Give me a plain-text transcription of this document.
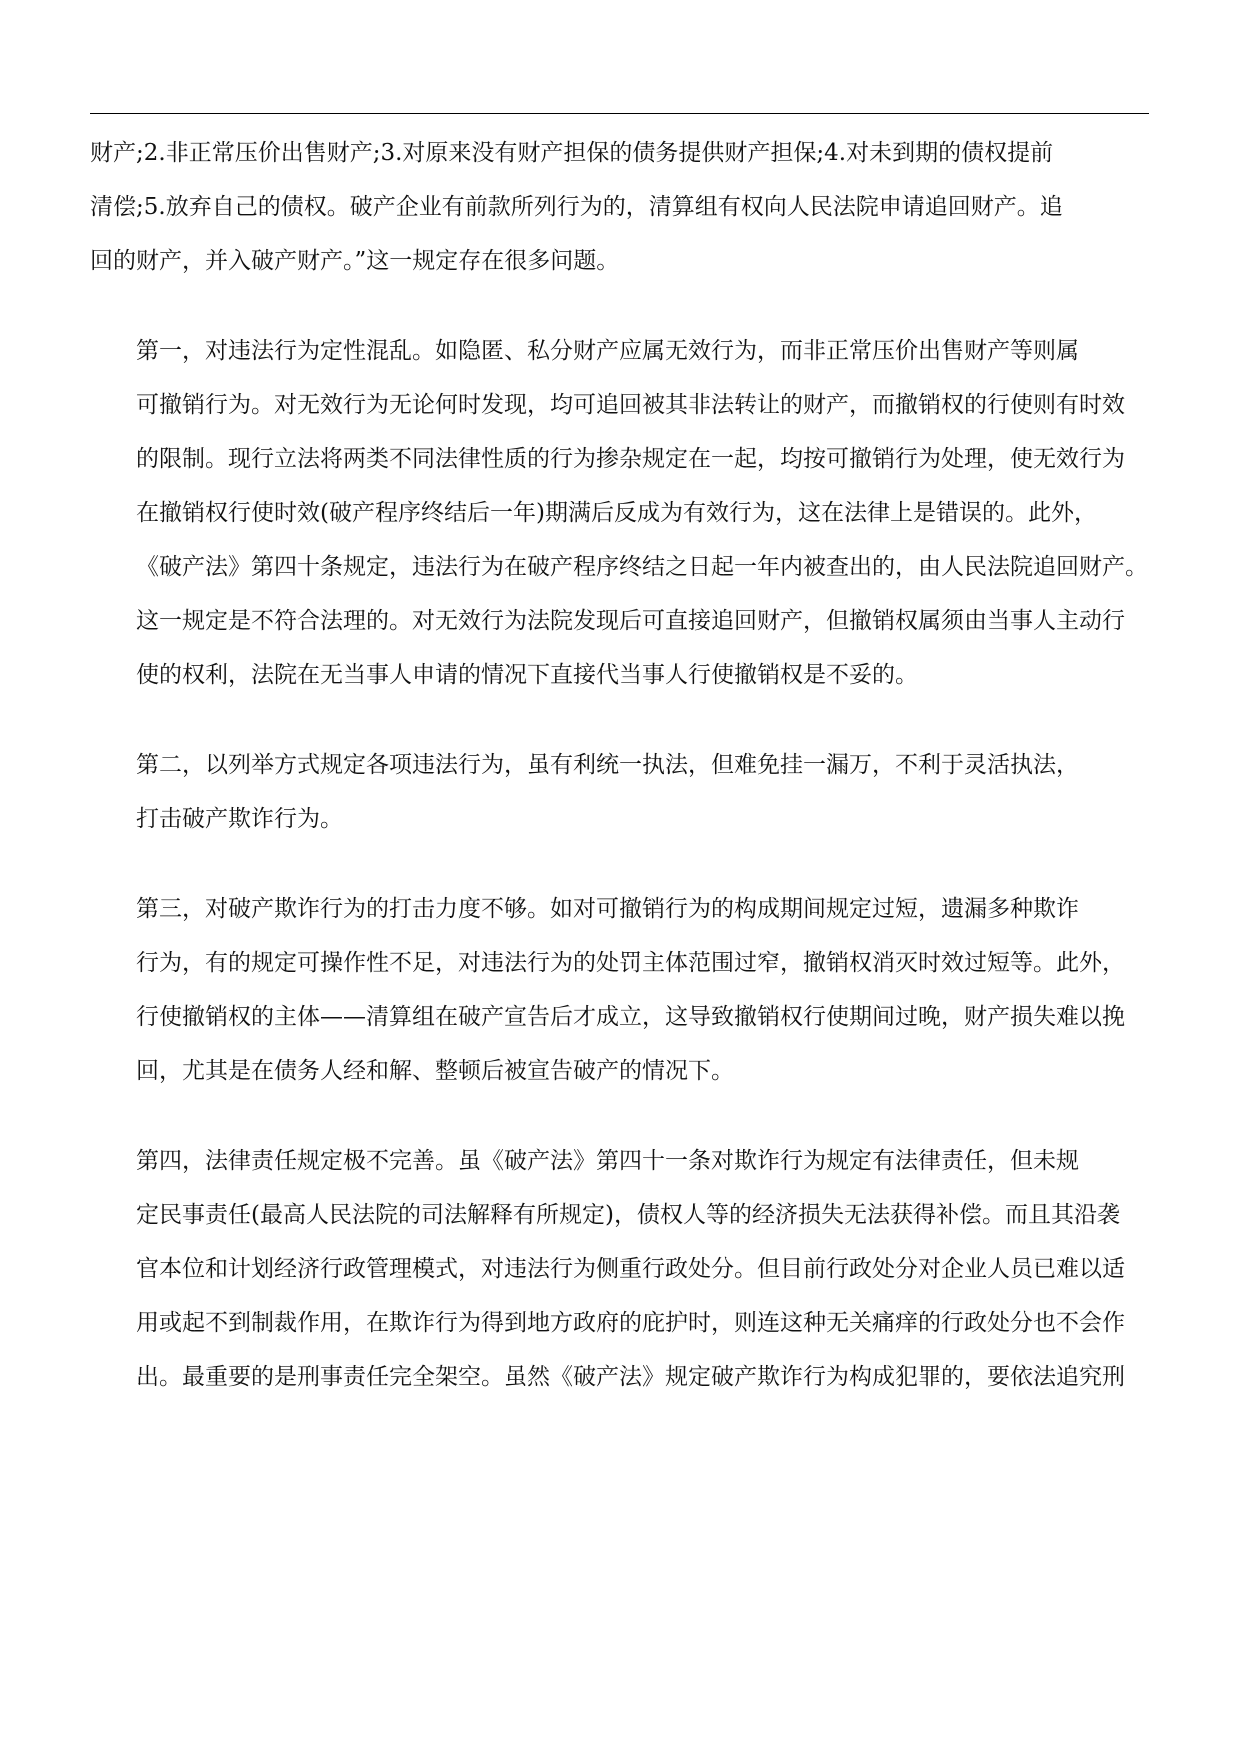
财产;2.非正常压价出售财产;3.对原来没有财产担保的债务提供财产担保;4.对未到期的债权提前
清偿;5.放弃自己的债权。破产企业有前款所列行为的，清算组有权向人民法院申请追回财产。追
回的财产，并入破产财产。”这一规定存在很多问题。

第一，对违法行为定性混乱。如隐匿、私分财产应属无效行为，而非正常压价出售财产等则属
可撤销行为。对无效行为无论何时发现，均可追回被其非法转让的财产，而撤销权的行使则有时效
的限制。现行立法将两类不同法律性质的行为掺杂规定在一起，均按可撤销行为处理，使无效行为
在撤销权行使时效(破产程序终结后一年)期满后反成为有效行为，这在法律上是错误的。此外，
《破产法》第四十条规定，违法行为在破产程序终结之日起一年内被查出的，由人民法院追回财产。
这一规定是不符合法理的。对无效行为法院发现后可直接追回财产，但撤销权属须由当事人主动行
使的权利，法院在无当事人申请的情况下直接代当事人行使撤销权是不妥的。

第二，以列举方式规定各项违法行为，虽有利统一执法，但难免挂一漏万，不利于灵活执法，
打击破产欺诈行为。

第三，对破产欺诈行为的打击力度不够。如对可撤销行为的构成期间规定过短，遗漏多种欺诈
行为，有的规定可操作性不足，对违法行为的处罚主体范围过窄，撤销权消灭时效过短等。此外，
行使撤销权的主体——清算组在破产宣告后才成立，这导致撤销权行使期间过晚，财产损失难以挽
回，尤其是在债务人经和解、整顿后被宣告破产的情况下。

第四，法律责任规定极不完善。虽《破产法》第四十一条对欺诈行为规定有法律责任，但未规
定民事责任(最高人民法院的司法解释有所规定)，债权人等的经济损失无法获得补偿。而且其沿袭
官本位和计划经济行政管理模式，对违法行为侧重行政处分。但目前行政处分对企业人员已难以适
用或起不到制裁作用，在欺诈行为得到地方政府的庇护时，则连这种无关痛痒的行政处分也不会作
出。最重要的是刑事责任完全架空。虽然《破产法》规定破产欺诈行为构成犯罪的，要依法追究刑
